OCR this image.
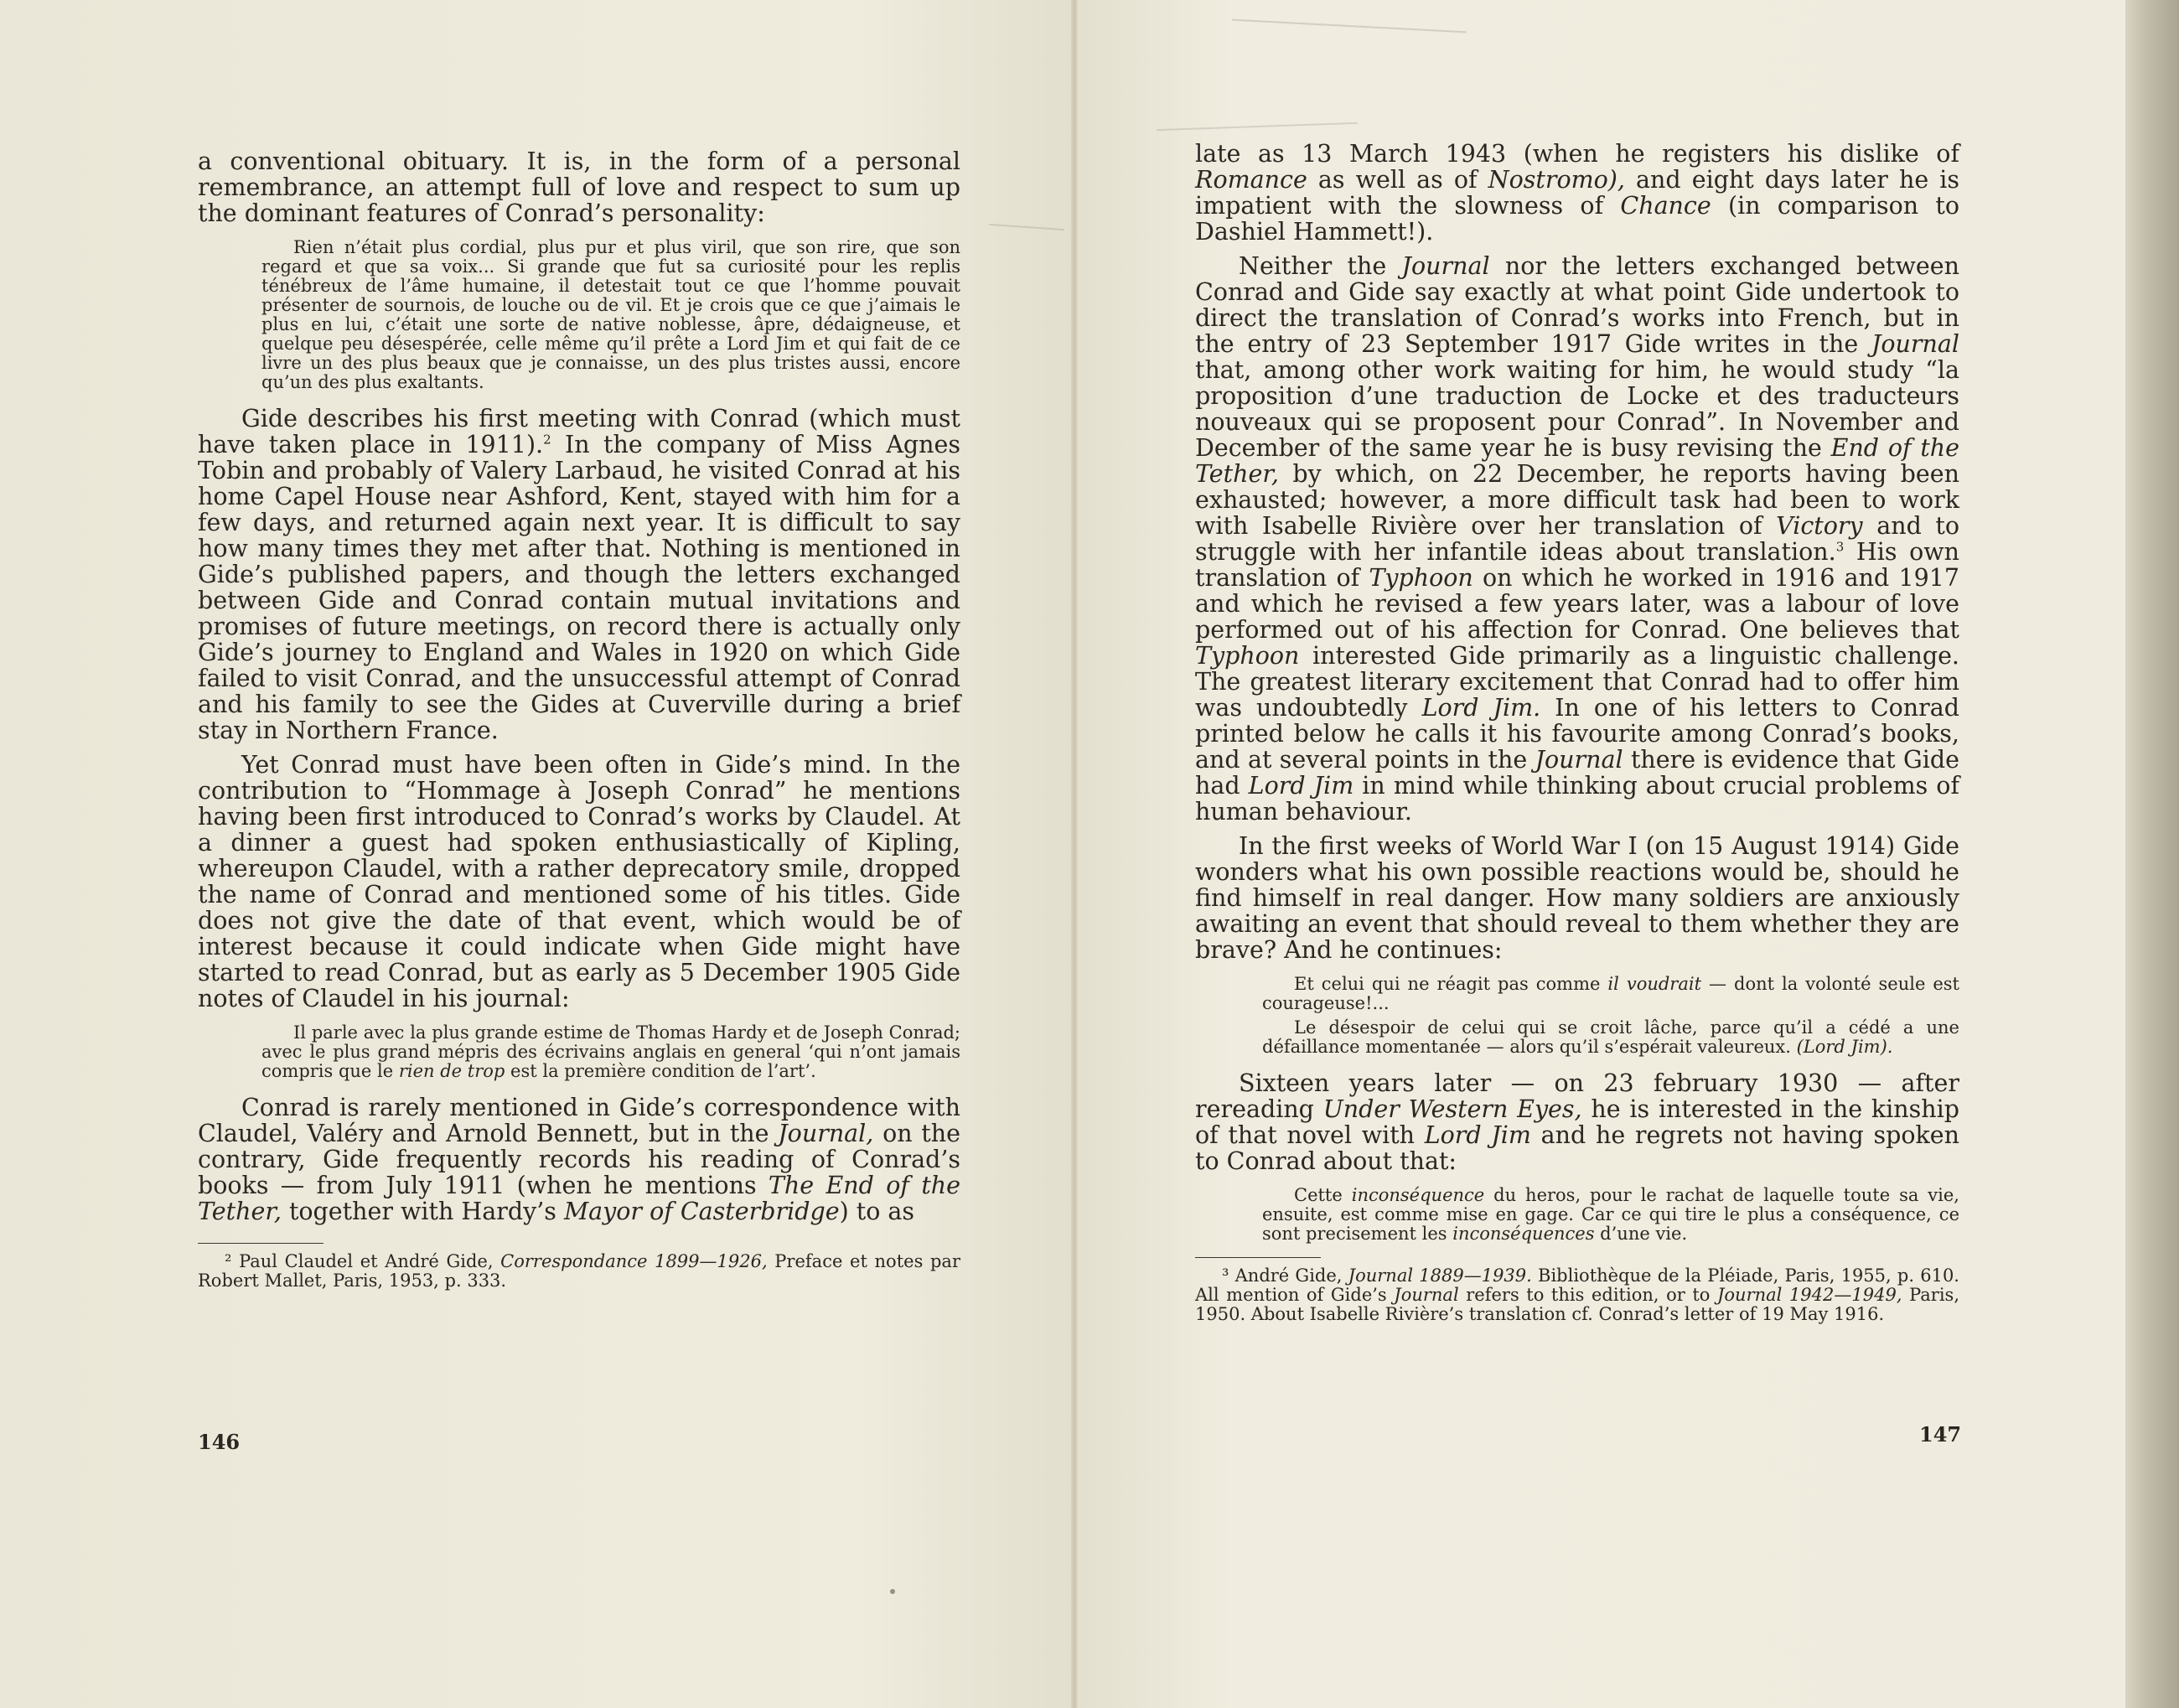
a conventional obituary. It is, in the form of a personal remembrance, an attempt full of love and respect to sum up the dominant features of Conrad’s personality:

Rien n’était plus cordial, plus pur et plus viril, que son rire, que son regard et que sa voix... Si grande que fut sa curiosité pour les replis ténébreux de l’âme humaine, il detestait tout ce que l’homme pouvait présenter de sournois, de louche ou de vil. Et je crois que ce que j’aimais le plus en lui, c’était une sorte de native noblesse, âpre, dédaigneuse, et quelque peu désespérée, celle même qu’il prête a Lord Jim et qui fait de ce livre un des plus beaux que je connaisse, un des plus tristes aussi, encore qu’un des plus exaltants.

Gide describes his first meeting with Conrad (which must have taken place in 1911).$^2$ In the company of Miss Agnes Tobin and probably of Valery Larbaud, he visited Conrad at his home Capel House near Ashford, Kent, stayed with him for a few days, and returned again next year. It is difficult to say how many times they met after that. Nothing is mentioned in Gide’s published papers, and though the letters exchanged between Gide and Conrad contain mutual invitations and promises of future meetings, on record there is actually only Gide’s journey to England and Wales in 1920 on which Gide failed to visit Conrad, and the unsuccessful attempt of Conrad and his family to see the Gides at Cuverville during a brief stay in Northern France.

Yet Conrad must have been often in Gide’s mind. In the contribution to “Hommage à Joseph Conrad” he mentions having been first introduced to Conrad’s works by Claudel. At a dinner a guest had spoken enthusiastically of Kipling, whereupon Claudel, with a rather deprecatory smile, dropped the name of Conrad and mentioned some of his titles. Gide does not give the date of that event, which would be of interest because it could indicate when Gide might have started to read Conrad, but as early as 5 December 1905 Gide notes of Claudel in his journal:

Il parle avec la plus grande estime de Thomas Hardy et de Joseph Conrad; avec le plus grand mépris des écrivains anglais en general ‘qui n’ont jamais compris que le rien de trop est la première condition de l’art’.

Conrad is rarely mentioned in Gide’s correspondence with Claudel, Valéry and Arnold Bennett, but in the Journal, on the contrary, Gide frequently records his reading of Conrad’s books — from July 1911 (when he mentions The End of the Tether, together with Hardy’s Mayor of Casterbridge) to as

² Paul Claudel et André Gide, Correspondance 1899—1926, Preface et notes par Robert Mallet, Paris, 1953, p. 333.

146

late as 13 March 1943 (when he registers his dislike of Romance as well as of Nostromo), and eight days later he is impatient with the slowness of Chance (in comparison to Dashiel Hammett!).

Neither the Journal nor the letters exchanged between Conrad and Gide say exactly at what point Gide undertook to direct the translation of Conrad’s works into French, but in the entry of 23 September 1917 Gide writes in the Journal that, among other work waiting for him, he would study “la proposition d’une traduction de Locke et des traducteurs nouveaux qui se proposent pour Conrad”. In November and December of the same year he is busy revising the End of the Tether, by which, on 22 December, he reports having been exhausted; however, a more difficult task had been to work with Isabelle Rivière over her translation of Victory and to struggle with her infantile ideas about translation.$^3$ His own translation of Typhoon on which he worked in 1916 and 1917 and which he revised a few years later, was a labour of love performed out of his affection for Conrad. One believes that Typhoon interested Gide primarily as a linguistic challenge. The greatest literary excitement that Conrad had to offer him was undoubtedly Lord Jim. In one of his letters to Conrad printed below he calls it his favourite among Conrad’s books, and at several points in the Journal there is evidence that Gide had Lord Jim in mind while thinking about crucial problems of human behaviour.

In the first weeks of World War I (on 15 August 1914) Gide wonders what his own possible reactions would be, should he find himself in real danger. How many soldiers are anxiously awaiting an event that should reveal to them whether they are brave? And he continues:

Et celui qui ne réagit pas comme il voudrait — dont la volonté seule est courageuse!...

Le désespoir de celui qui se croit lâche, parce qu’il a cédé a une défaillance momentanée — alors qu’il s’espérait valeureux. (Lord Jim).

Sixteen years later — on 23 february 1930 — after rereading Under Western Eyes, he is interested in the kinship of that novel with Lord Jim and he regrets not having spoken to Conrad about that:

Cette inconséquence du heros, pour le rachat de laquelle toute sa vie, ensuite, est comme mise en gage. Car ce qui tire le plus a conséquence, ce sont precisement les inconséquences d’une vie.

³ André Gide, Journal 1889—1939. Bibliothèque de la Pléiade, Paris, 1955, p. 610. All mention of Gide’s Journal refers to this edition, or to Journal 1942—1949, Paris, 1950. About Isabelle Rivière’s translation cf. Conrad’s letter of 19 May 1916.

147
